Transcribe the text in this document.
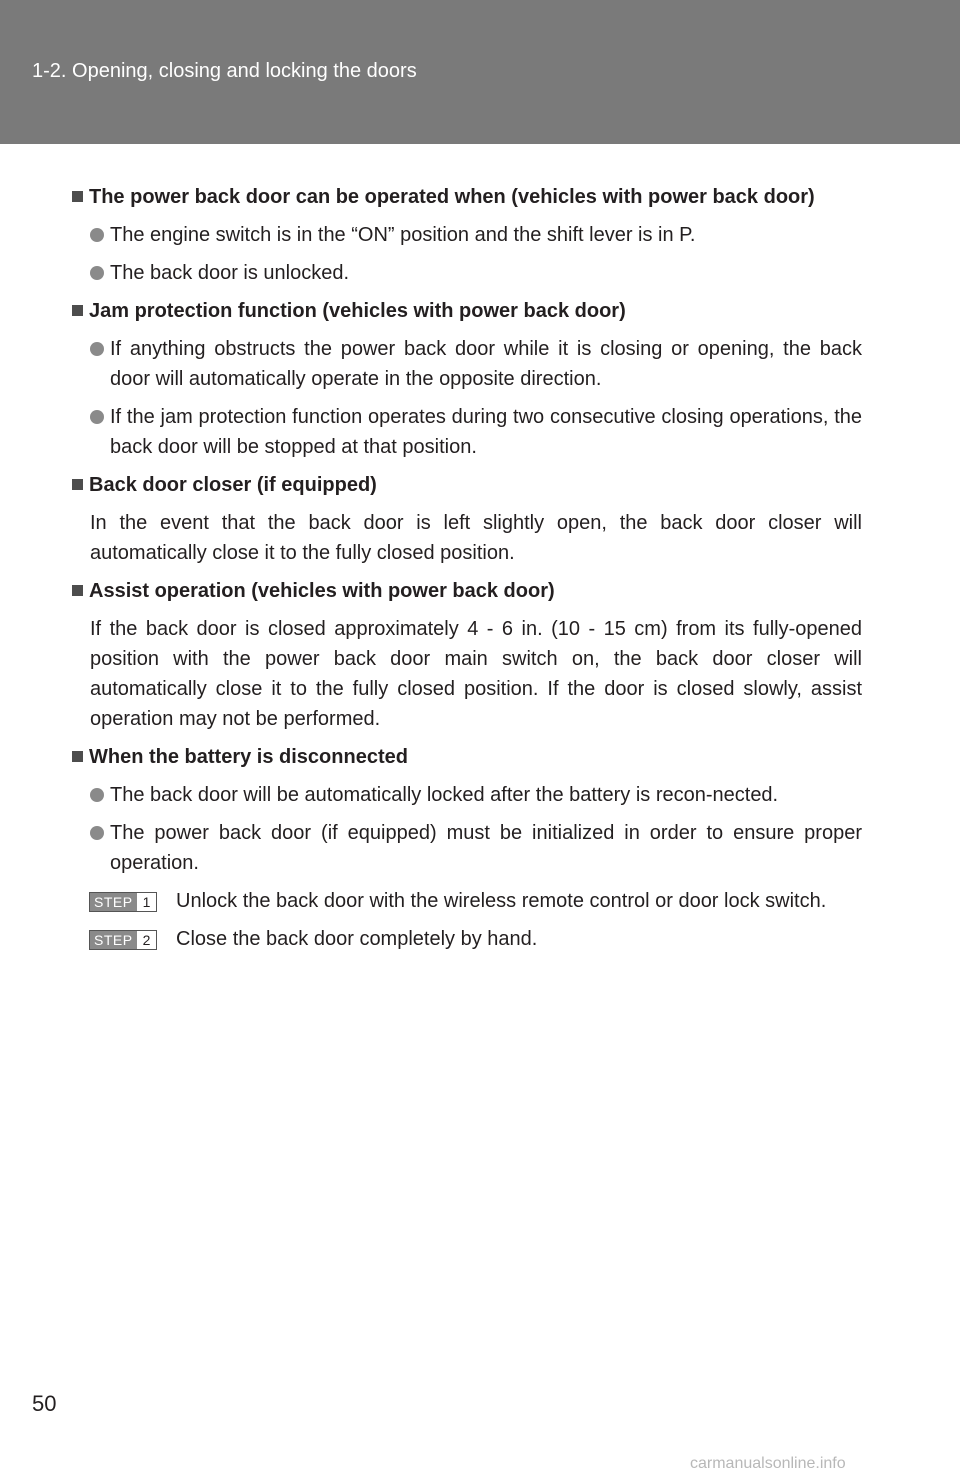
1-2. Opening, closing and locking the doors
The power back door can be operated when (vehicles with power back door)
The engine switch is in the “ON” position and the shift lever is in P.
The back door is unlocked.
Jam protection function (vehicles with power back door)
If anything obstructs the power back door while it is closing or opening, the back door will automatically operate in the opposite direction.
If the jam protection function operates during two consecutive closing operations, the back door will be stopped at that position.
Back door closer (if equipped)
In the event that the back door is left slightly open, the back door closer will automatically close it to the fully closed position.
Assist operation (vehicles with power back door)
If the back door is closed approximately 4 - 6 in. (10 - 15 cm) from its fully-opened position with the power back door main switch on, the back door closer will automatically close it to the fully closed position. If the door is closed slowly, assist operation may not be performed.
When the battery is disconnected
The back door will be automatically locked after the battery is recon-nected.
The power back door (if equipped) must be initialized in order to ensure proper operation.
STEP 1	Unlock the back door with the wireless remote control or door lock switch.
STEP 2	Close the back door completely by hand.
50
carmanualsonline.info
